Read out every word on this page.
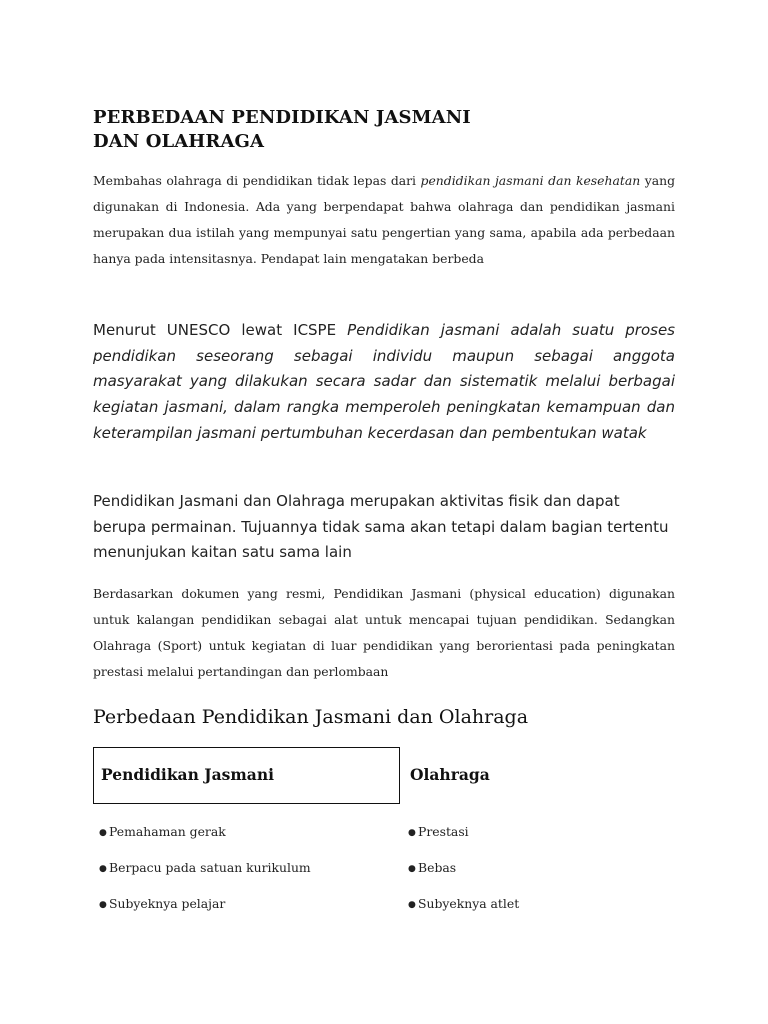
PERBEDAAN PENDIDIKAN JASMANI
DAN OLAHRAGA

Membahas olahraga di pendidikan tidak lepas dari pendidikan jasmani dan kesehatan yang digunakan di Indonesia. Ada yang berpendapat bahwa olahraga dan pendidikan jasmani merupakan dua istilah yang mempunyai satu pengertian yang sama, apabila ada perbedaan hanya pada intensitasnya. Pendapat lain mengatakan berbeda

Menurut UNESCO lewat ICSPE Pendidikan jasmani adalah suatu proses pendidikan seseorang sebagai individu maupun sebagai anggota masyarakat yang dilakukan secara sadar dan sistematik melalui berbagai kegiatan jasmani, dalam rangka memperoleh peningkatan kemampuan dan keterampilan jasmani pertumbuhan kecerdasan dan pembentukan watak

Pendidikan Jasmani dan Olahraga merupakan aktivitas fisik dan dapat berupa permainan. Tujuannya tidak sama akan tetapi dalam bagian tertentu menunjukan kaitan satu sama lain

Berdasarkan dokumen yang resmi, Pendidikan Jasmani (physical education) digunakan untuk kalangan pendidikan sebagai alat untuk mencapai tujuan pendidikan. Sedangkan Olahraga (Sport) untuk kegiatan di luar pendidikan yang berorientasi pada peningkatan prestasi melalui pertandingan dan perlombaan

Perbedaan Pendidikan Jasmani dan Olahraga
Pendidikan Jasmani	Olahraga
● Pemahaman gerak
● Berpacu pada satuan kurikulum
● Subyeknya pelajar
● Prestasi
● Bebas
● Subyeknya atlet
